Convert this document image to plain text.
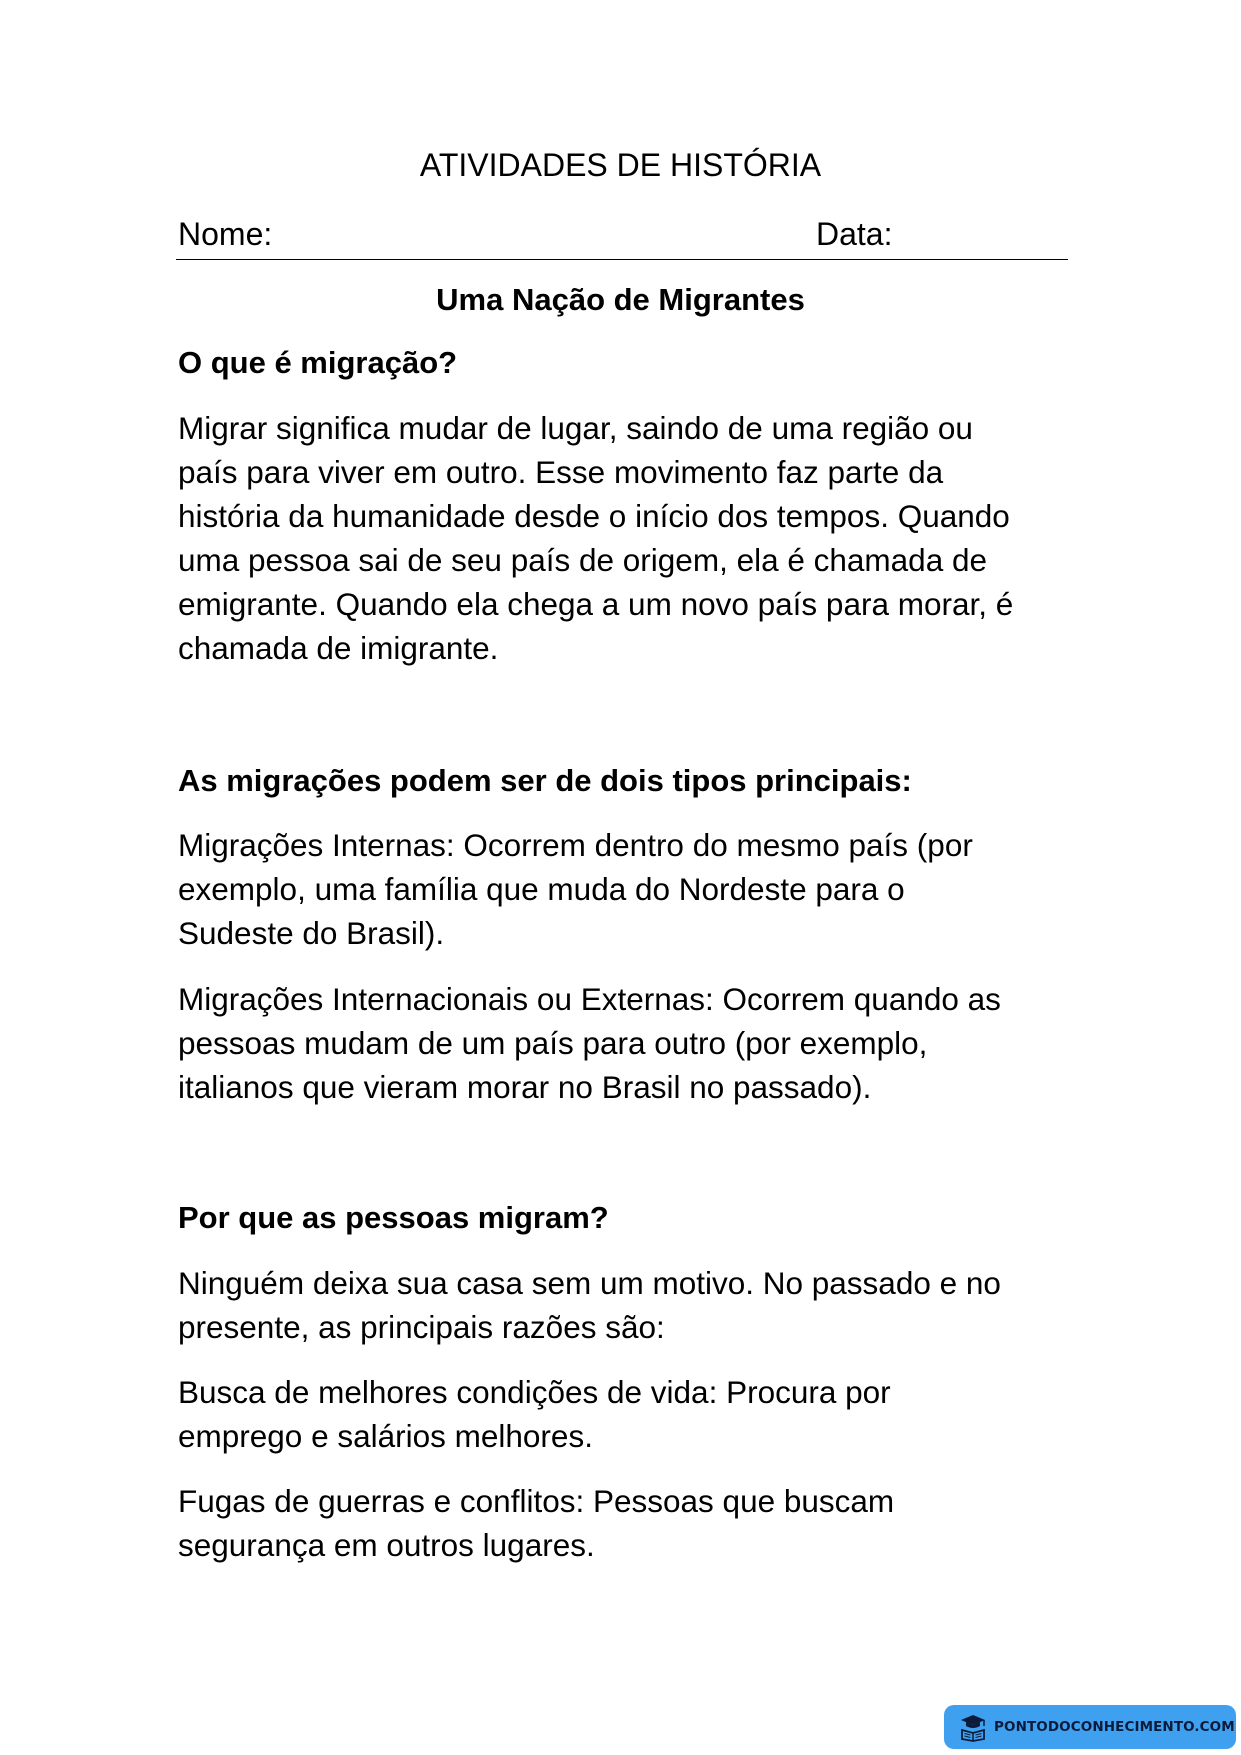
ATIVIDADES DE HISTÓRIA
Nome:	Data:
Uma Nação de Migrantes
O que é migração?
Migrar significa mudar de lugar, saindo de uma região ou
país para viver em outro. Esse movimento faz parte da
história da humanidade desde o início dos tempos. Quando
uma pessoa sai de seu país de origem, ela é chamada de
emigrante. Quando ela chega a um novo país para morar, é
chamada de imigrante.
As migrações podem ser de dois tipos principais:
Migrações Internas: Ocorrem dentro do mesmo país (por
exemplo, uma família que muda do Nordeste para o
Sudeste do Brasil).
Migrações Internacionais ou Externas: Ocorrem quando as
pessoas mudam de um país para outro (por exemplo,
italianos que vieram morar no Brasil no passado).
Por que as pessoas migram?
Ninguém deixa sua casa sem um motivo. No passado e no
presente, as principais razões são:
Busca de melhores condições de vida: Procura por
emprego e salários melhores.
Fugas de guerras e conflitos: Pessoas que buscam
segurança em outros lugares.
PONTODOCONHECIMENTO.COM
